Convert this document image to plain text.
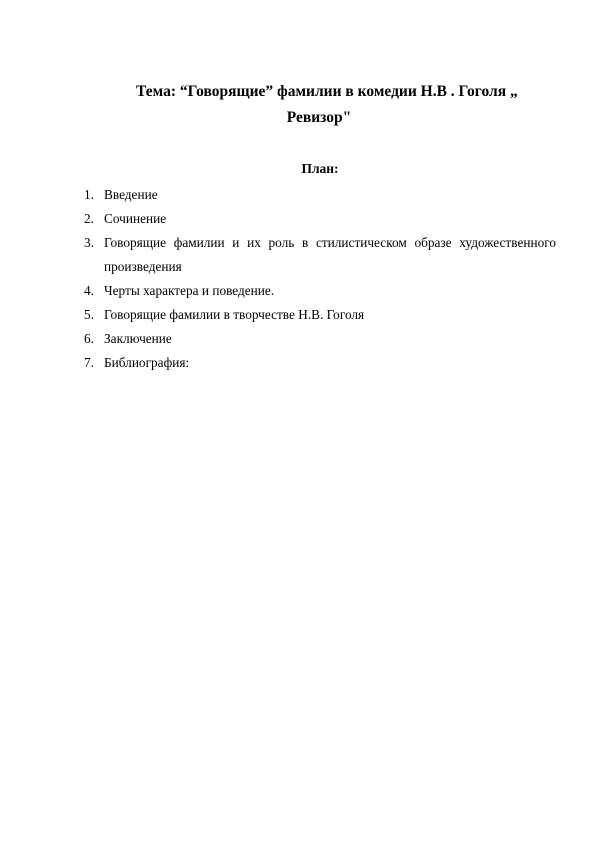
Тема: “Говорящие” фамилии в комедии Н.В . Гоголя „
Ревизор"
План:
1. Введение
2. Сочинение
3. Говорящие фамилии и их роль в стилистическом образе художественного произведения
4. Черты характера и поведение.
5. Говорящие фамилии в творчестве Н.В. Гоголя
6. Заключение
7. Библиография:
